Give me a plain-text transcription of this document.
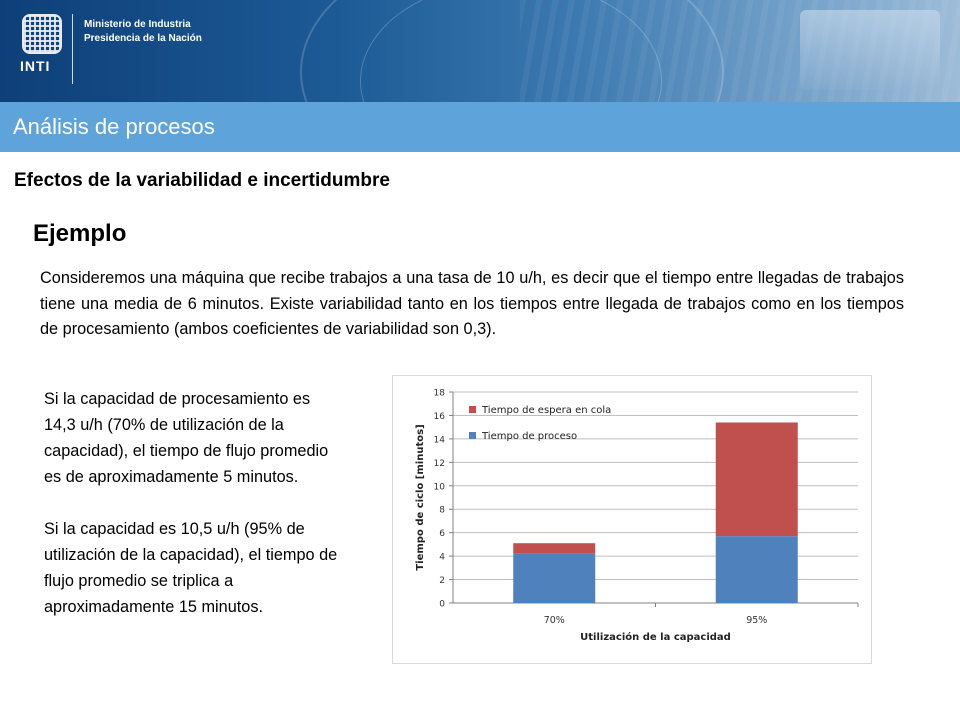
INTI
Ministerio de Industria
Presidencia de la Nación
Análisis de procesos
Efectos de la variabilidad e incertidumbre
Ejemplo
Consideremos una máquina que recibe trabajos a una tasa de 10 u/h, es decir que el tiempo entre llegadas de trabajos tiene una media de 6 minutos. Existe variabilidad tanto en los tiempos entre llegada de trabajos como en los tiempos de procesamiento (ambos coeficientes de variabilidad son 0,3).

Si la capacidad de procesamiento es 14,3 u/h (70% de utilización de la capacidad), el tiempo de flujo promedio es de aproximadamente 5 minutos.

Si la capacidad es 10,5 u/h (95% de utilización de la capacidad), el tiempo de flujo promedio se triplica a aproximadamente 15 minutos.	0
2
4
6
8
10
12
14
16
18
70%	95%
Utilización de la capacidad
Tiempo de ciclo [minutos]
Tiempo de espera en cola
Tiempo de proceso
